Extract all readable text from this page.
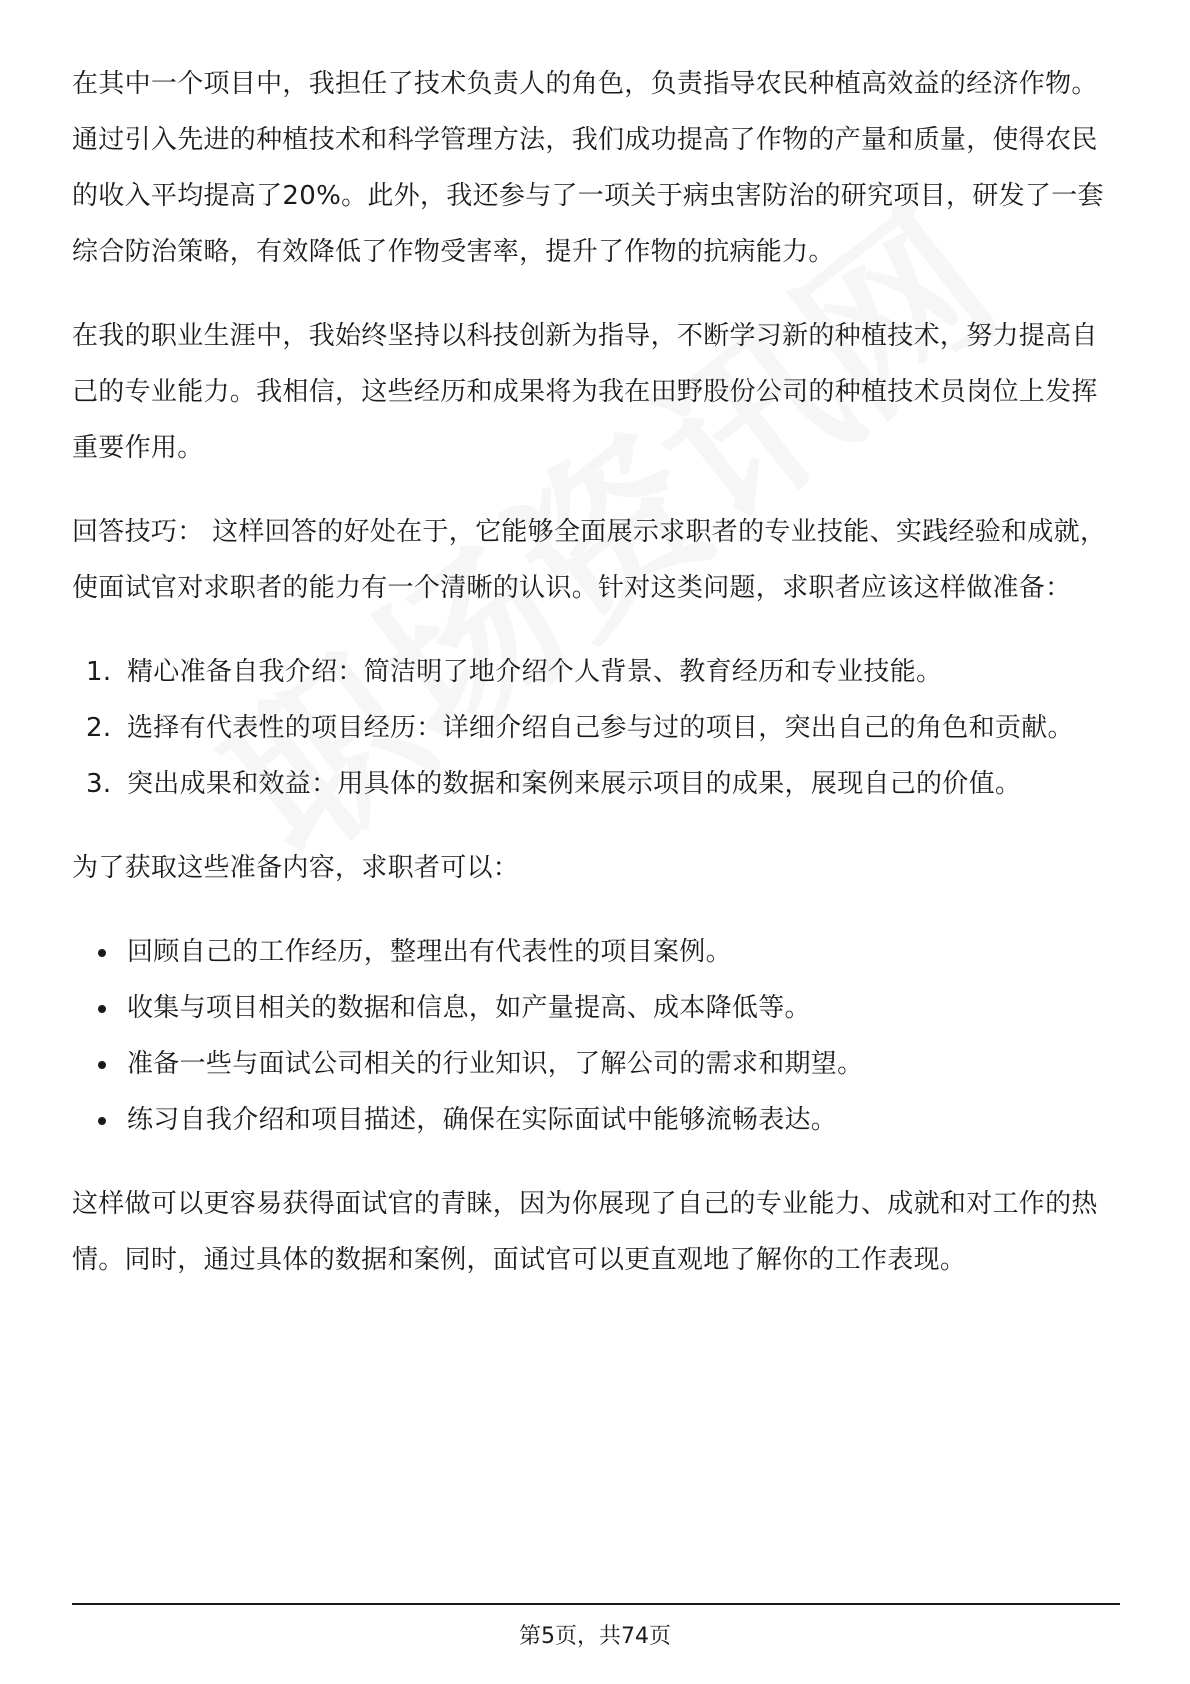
在其中一个项目中，我担任了技术负责人的角色，负责指导农民种植高效益的经济作物。通过引入先进的种植技术和科学管理方法，我们成功提高了作物的产量和质量，使得农民的收入平均提高了20%。此外，我还参与了一项关于病虫害防治的研究项目，研发了一套综合防治策略，有效降低了作物受害率，提升了作物的抗病能力。

在我的职业生涯中，我始终坚持以科技创新为指导，不断学习新的种植技术，努力提高自己的专业能力。我相信，这些经历和成果将为我在田野股份公司的种植技术员岗位上发挥重要作用。

回答技巧： 这样回答的好处在于，它能够全面展示求职者的专业技能、实践经验和成就，使面试官对求职者的能力有一个清晰的认识。针对这类问题，求职者应该这样做准备：

1. 精心准备自我介绍：简洁明了地介绍个人背景、教育经历和专业技能。
2. 选择有代表性的项目经历：详细介绍自己参与过的项目，突出自己的角色和贡献。
3. 突出成果和效益：用具体的数据和案例来展示项目的成果，展现自己的价值。

为了获取这些准备内容，求职者可以：

回顾自己的工作经历，整理出有代表性的项目案例。
收集与项目相关的数据和信息，如产量提高、成本降低等。
准备一些与面试公司相关的行业知识，了解公司的需求和期望。
练习自我介绍和项目描述，确保在实际面试中能够流畅表达。

这样做可以更容易获得面试官的青睐，因为你展现了自己的专业能力、成就和对工作的热情。同时，通过具体的数据和案例，面试官可以更直观地了解你的工作表现。

第5页，共74页
